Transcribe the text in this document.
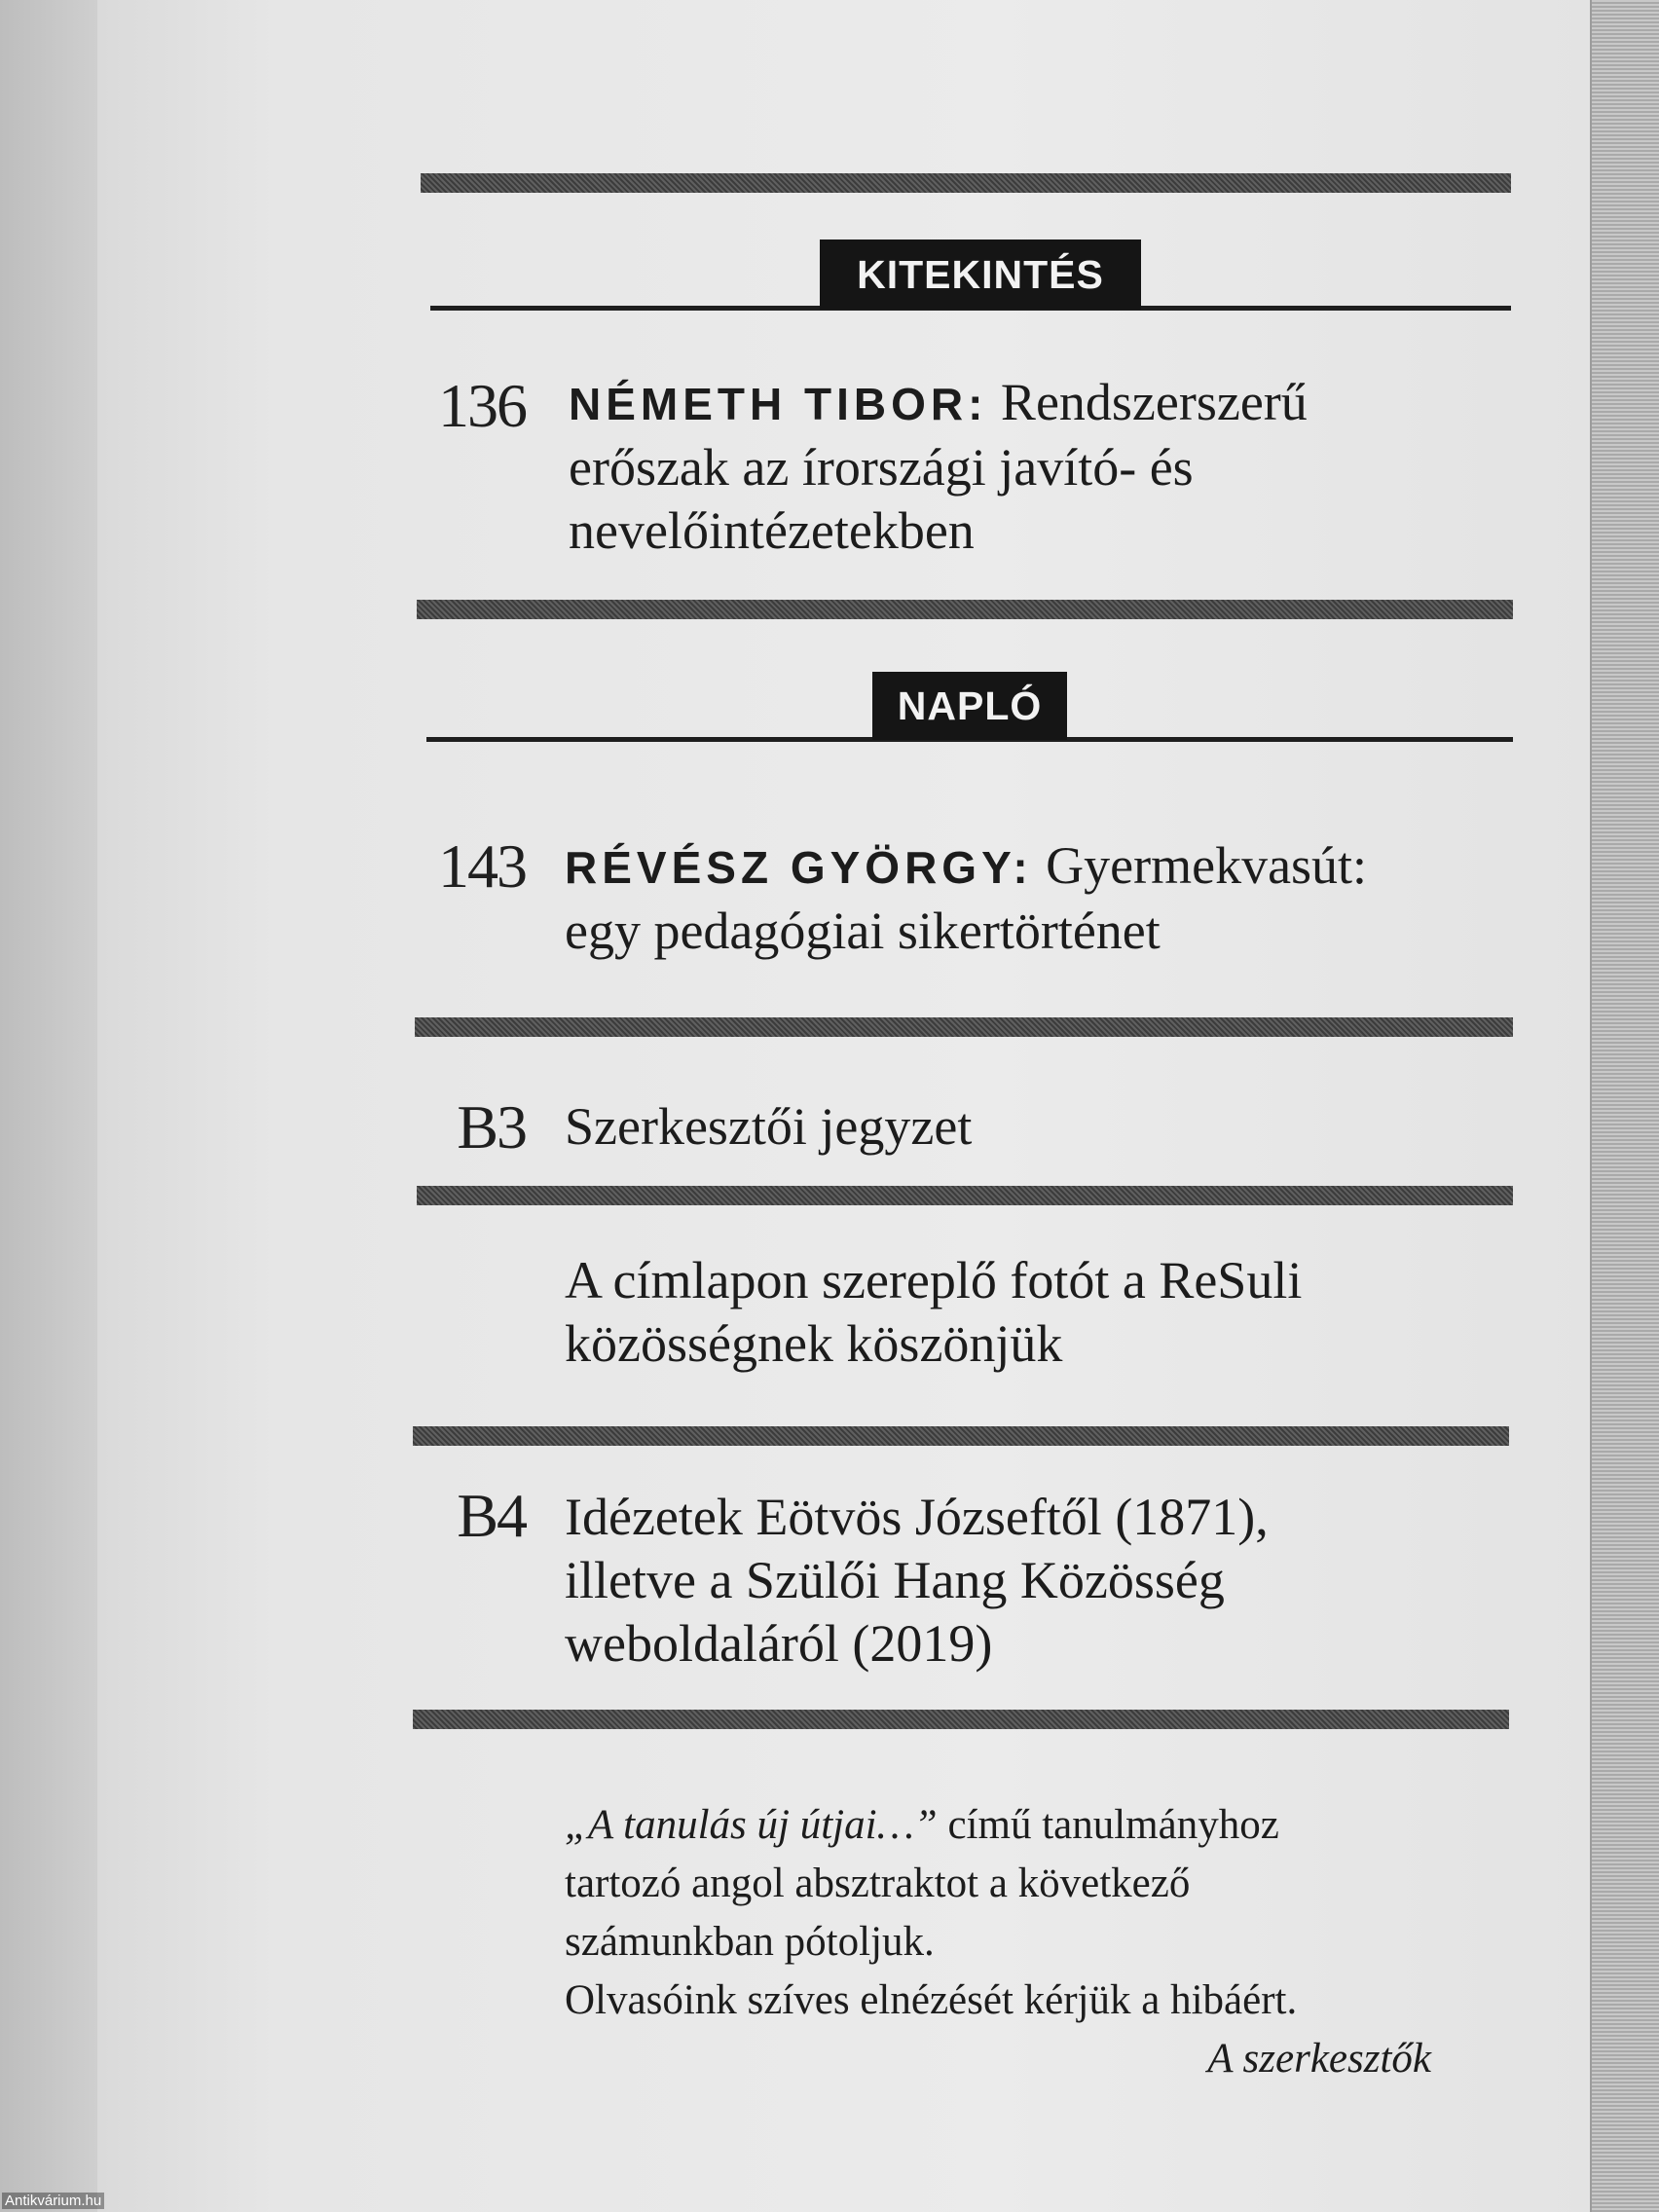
KITEKINTÉS
136 NÉMETH TIBOR: Rendszerszerű
erőszak az írországi javító- és
nevelőintézetekben
NAPLÓ
143 RÉVÉSZ GYÖRGY: Gyermekvasút:
egy pedagógiai sikertörténet
B3 Szerkesztői jegyzet
A címlapon szereplő fotót a ReSuli
közösségnek köszönjük
B4 Idézetek Eötvös Józseftől (1871),
illetve a Szülői Hang Közösség
weboldaláról (2019)
„A tanulás új útjai…” című tanulmányhoz
tartozó angol absztraktot a következő
számunkban pótoljuk.
Olvasóink szíves elnézését kérjük a hibáért.
A szerkesztők
Antikvárium.hu
